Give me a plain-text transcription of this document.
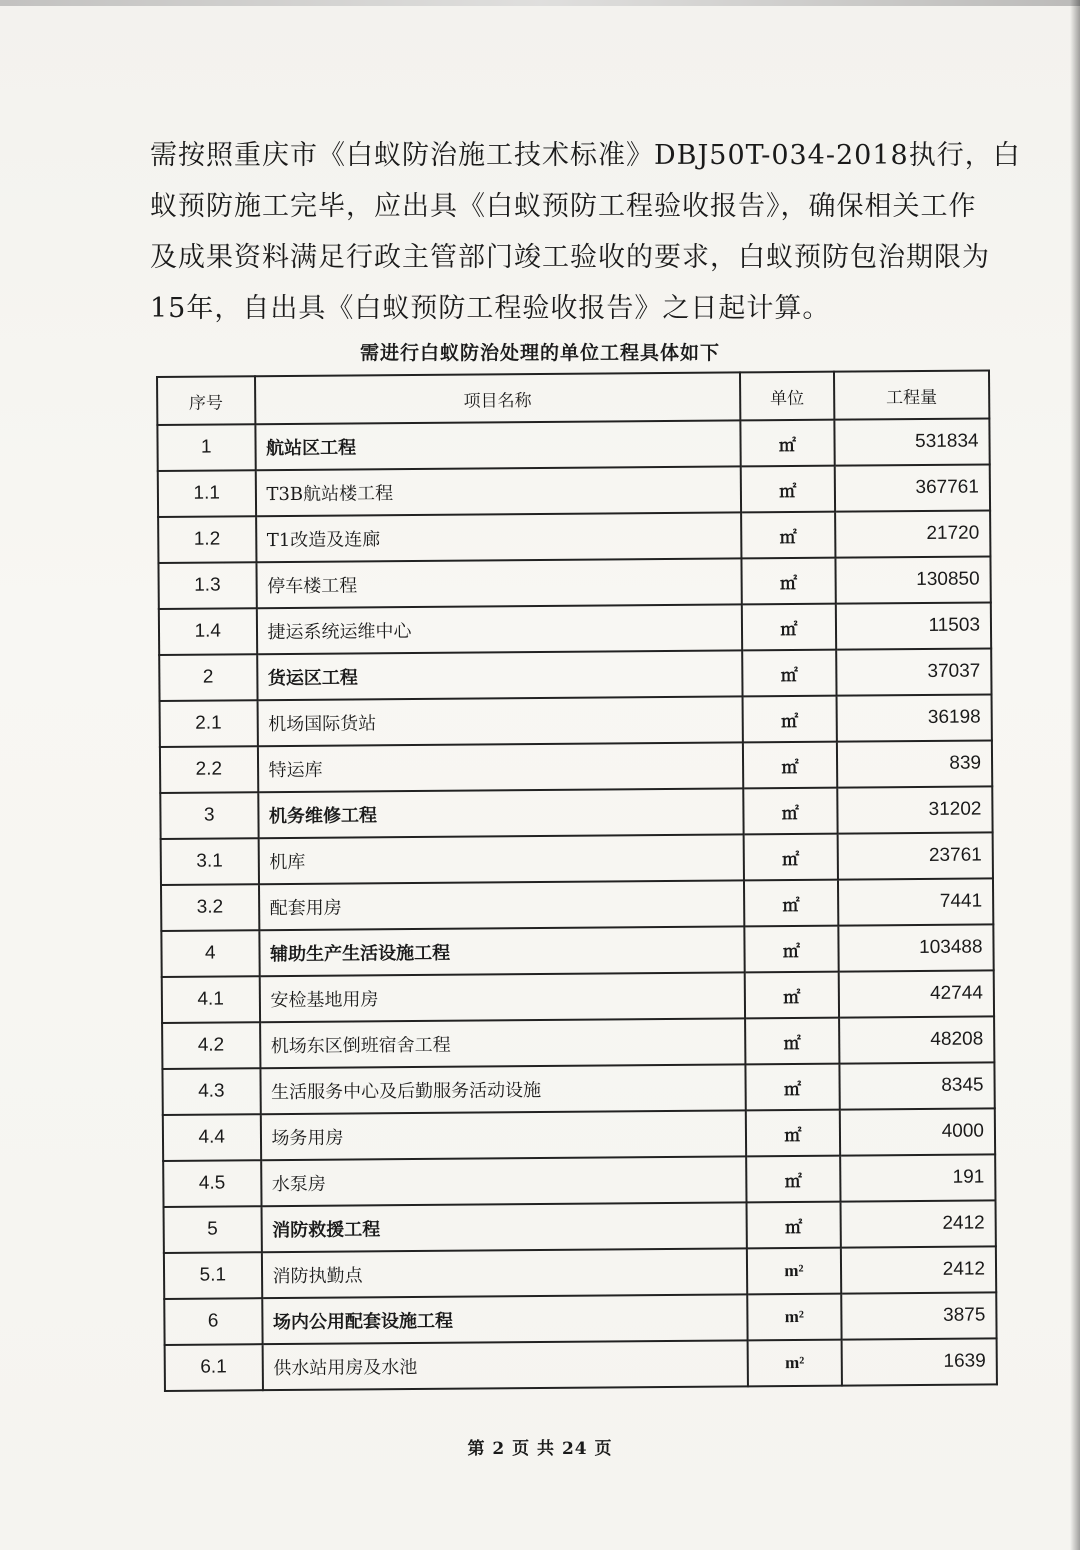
需按照重庆市《白蚁防治施工技术标准》DBJ50T-034-2018执行，白
蚁预防施工完毕，应出具《白蚁预防工程验收报告》，确保相关工作
及成果资料满足行政主管部门竣工验收的要求，白蚁预防包治期限为
15年，自出具《白蚁预防工程验收报告》之日起计算。
需进行白蚁防治处理的单位工程具体如下
序号	项目名称	单位	工程量
1	航站区工程	㎡	531834
1.1	T3B航站楼工程	㎡	367761
1.2	T1改造及连廊	㎡	21720
1.3	停车楼工程	㎡	130850
1.4	捷运系统运维中心	㎡	11503
2	货运区工程	㎡	37037
2.1	机场国际货站	㎡	36198
2.2	特运库	㎡	839
3	机务维修工程	㎡	31202
3.1	机库	㎡	23761
3.2	配套用房	㎡	7441
4	辅助生产生活设施工程	㎡	103488
4.1	安检基地用房	㎡	42744
4.2	机场东区倒班宿舍工程	㎡	48208
4.3	生活服务中心及后勤服务活动设施	㎡	8345
4.4	场务用房	㎡	4000
4.5	水泵房	㎡	191
5	消防救援工程	㎡	2412
5.1	消防执勤点	m²	2412
6	场内公用配套设施工程	m²	3875
6.1	供水站用房及水池	m²	1639
第 2 页 共 24 页
